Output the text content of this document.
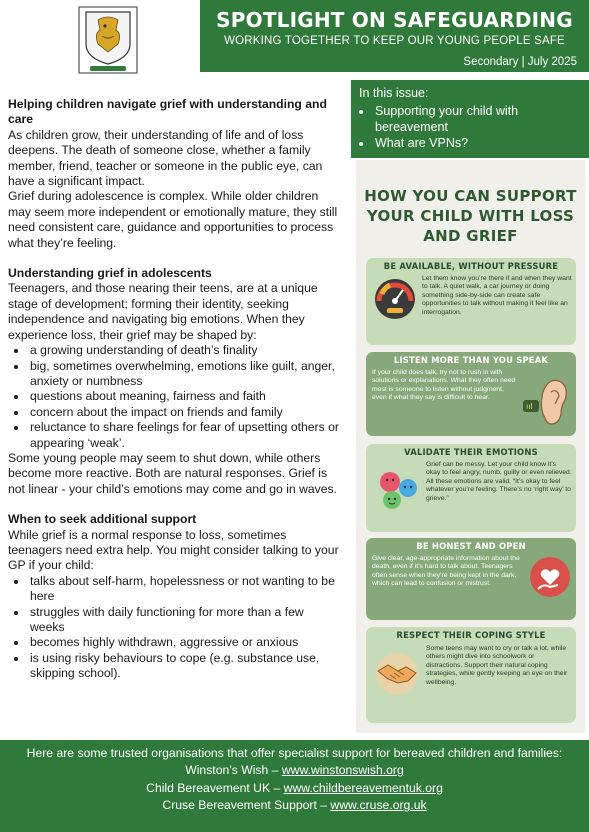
SPOTLIGHT ON SAFEGUARDING
WORKING TOGETHER TO KEEP OUR YOUNG PEOPLE SAFE
Secondary | July 2025
Helping children navigate grief with understanding and care

As children grow, their understanding of life and of loss deepens. The death of someone close, whether a family member, friend, teacher or someone in the public eye, can have a significant impact.

Grief during adolescence is complex. While older children may seem more independent or emotionally mature, they still need consistent care, guidance and opportunities to process what they’re feeling.

Understanding grief in adolescents

Teenagers, and those nearing their teens, are at a unique stage of development; forming their identity, seeking independence and navigating big emotions. When they experience loss, their grief may be shaped by:

• a growing understanding of death’s finality
• big, sometimes overwhelming, emotions like guilt, anger, anxiety or numbness
• questions about meaning, fairness and faith
• concern about the impact on friends and family
• reluctance to share feelings for fear of upsetting others or appearing ‘weak’.

Some young people may seem to shut down, while others become more reactive. Both are natural responses. Grief is not linear - your child’s emotions may come and go in waves.

When to seek additional support

While grief is a normal response to loss, sometimes teenagers need extra help. You might consider talking to your GP if your child:

• talks about self-harm, hopelessness or not wanting to be here
• struggles with daily functioning for more than a few weeks
• becomes highly withdrawn, aggressive or anxious
• is using risky behaviours to cope (e.g. substance use, skipping school).
In this issue:
• Supporting your child with bereavement
• What are VPNs?
HOW YOU CAN SUPPORT
YOUR CHILD WITH LOSS
AND GRIEF
BE AVAILABLE, WITHOUT PRESSURE
Let them know you’re there if and when they want to talk. A quiet walk, a car journey or doing something side-by-side can create safe opportunities to talk without making it feel like an interrogation.
LISTEN MORE THAN YOU SPEAK
If your child does talk, try not to rush in with solutions or explanations. What they often need most is someone to listen without judgment, even if what they say is difficult to hear.
ııl
VALIDATE THEIR EMOTIONS
Grief can be messy. Let your child know it’s okay to feel angry, numb, guilty or even relieved. All these emotions are valid. “It’s okay to feel whatever you’re feeling. There’s no ‘right way’ to grieve.”
BE HONEST AND OPEN
Give clear, age-appropriate information about the death, even if it’s hard to talk about. Teenagers often sense when they’re being kept in the dark, which can lead to confusion or mistrust.
RESPECT THEIR COPING STYLE
Some teens may want to cry or talk a lot, while others might dive into schoolwork or distractions. Support their natural coping strategies, while gently keeping an eye on their wellbeing.
Here are some trusted organisations that offer specialist support for bereaved children and families:
Winston’s Wish – www.winstonswish.org
Child Bereavement UK – www.childbereavementuk.org
Cruse Bereavement Support – www.cruse.org.uk
